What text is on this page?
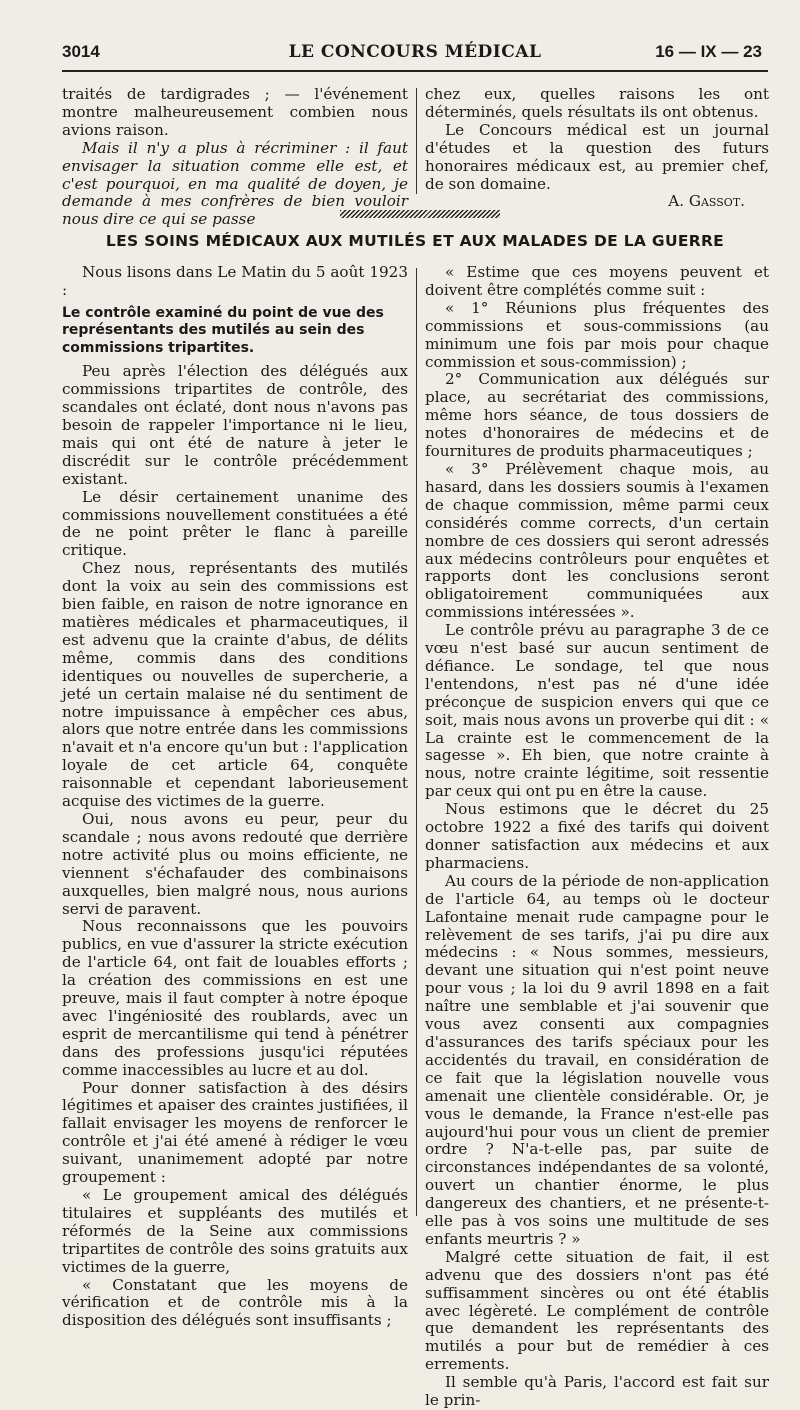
3014	LE CONCOURS MÉDICAL	16 — IX — 23

traités de tardigrades ; — l'événement montre malheureusement combien nous avions raison.

Mais il n'y a plus à récriminer : il faut envisager la situation comme elle est, et c'est pourquoi, en ma qualité de doyen, je demande à mes confrères de bien vouloir nous dire ce qui se passe

chez eux, quelles raisons les ont déterminés, quels résultats ils ont obtenus.

Le Concours médical est un journal d'études et la question des futurs honoraires médicaux est, au premier chef, de son domaine.

A. Gassot.

LES SOINS MÉDICAUX AUX MUTILÉS ET AUX MALADES DE LA GUERRE

Nous lisons dans Le Matin du 5 août 1923 :

Le contrôle examiné du point de vue des représentants des mutilés au sein des commissions tripartites.

Peu après l'élection des délégués aux commissions tripartites de contrôle, des scandales ont éclaté, dont nous n'avons pas besoin de rappeler l'importance ni le lieu, mais qui ont été de nature à jeter le discrédit sur le contrôle précédemment existant.

Le désir certainement unanime des commissions nouvellement constituées a été de ne point prêter le flanc à pareille critique.

Chez nous, représentants des mutilés dont la voix au sein des commissions est bien faible, en raison de notre ignorance en matières médicales et pharmaceutiques, il est advenu que la crainte d'abus, de délits même, commis dans des conditions identiques ou nouvelles de supercherie, a jeté un certain malaise né du sentiment de notre impuissance à empêcher ces abus, alors que notre entrée dans les commissions n'avait et n'a encore qu'un but : l'application loyale de cet article 64, conquête raisonnable et cependant laborieusement acquise des victimes de la guerre.

Oui, nous avons eu peur, peur du scandale ; nous avons redouté que derrière notre activité plus ou moins efficiente, ne viennent s'échafauder des combinaisons auxquelles, bien malgré nous, nous aurions servi de paravent.

Nous reconnaissons que les pouvoirs publics, en vue d'assurer la stricte exécution de l'article 64, ont fait de louables efforts ; la création des commissions en est une preuve, mais il faut compter à notre époque avec l'ingéniosité des roublards, avec un esprit de mercantilisme qui tend à pénétrer dans des professions jusqu'ici réputées comme inaccessibles au lucre et au dol.

Pour donner satisfaction à des désirs légitimes et apaiser des craintes justifiées, il fallait envisager les moyens de renforcer le contrôle et j'ai été amené à rédiger le vœu suivant, unanimement adopté par notre groupement :

« Le groupement amical des délégués titulaires et suppléants des mutilés et réformés de la Seine aux commissions tripartites de contrôle des soins gratuits aux victimes de la guerre,

« Constatant que les moyens de vérification et de contrôle mis à la disposition des délégués sont insuffisants ;

« Estime que ces moyens peuvent et doivent être complétés comme suit :

« 1° Réunions plus fréquentes des commissions et sous-commissions (au minimum une fois par mois pour chaque commission et sous-commission) ;

2° Communication aux délégués sur place, au secrétariat des commissions, même hors séance, de tous dossiers de notes d'honoraires de médecins et de fournitures de produits pharmaceutiques ;

« 3° Prélèvement chaque mois, au hasard, dans les dossiers soumis à l'examen de chaque commission, même parmi ceux considérés comme corrects, d'un certain nombre de ces dossiers qui seront adressés aux médecins contrôleurs pour enquêtes et rapports dont les conclusions seront obligatoirement communiquées aux commissions intéressées ».

Le contrôle prévu au paragraphe 3 de ce vœu n'est basé sur aucun sentiment de défiance. Le sondage, tel que nous l'entendons, n'est pas né d'une idée préconçue de suspicion envers qui que ce soit, mais nous avons un proverbe qui dit : « La crainte est le commencement de la sagesse ». Eh bien, que notre crainte à nous, notre crainte légitime, soit ressentie par ceux qui ont pu en être la cause.

Nous estimons que le décret du 25 octobre 1922 a fixé des tarifs qui doivent donner satisfaction aux médecins et aux pharmaciens.

Au cours de la période de non-application de l'article 64, au temps où le docteur Lafontaine menait rude campagne pour le relèvement de ses tarifs, j'ai pu dire aux médecins : « Nous sommes, messieurs, devant une situation qui n'est point neuve pour vous ; la loi du 9 avril 1898 en a fait naître une semblable et j'ai souvenir que vous avez consenti aux compagnies d'assurances des tarifs spéciaux pour les accidentés du travail, en considération de ce fait que la législation nouvelle vous amenait une clientèle considérable. Or, je vous le demande, la France n'est-elle pas aujourd'hui pour vous un client de premier ordre ? N'a-t-elle pas, par suite de circonstances indépendantes de sa volonté, ouvert un chantier énorme, le plus dangereux des chantiers, et ne présente-t-elle pas à vos soins une multitude de ses enfants meurtris ? »

Malgré cette situation de fait, il est advenu que des dossiers n'ont pas été suffisamment sincères ou ont été établis avec légèreté. Le complément de contrôle que demandent les représentants des mutilés a pour but de remédier à ces errements.

Il semble qu'à Paris, l'accord est fait sur le prin-
